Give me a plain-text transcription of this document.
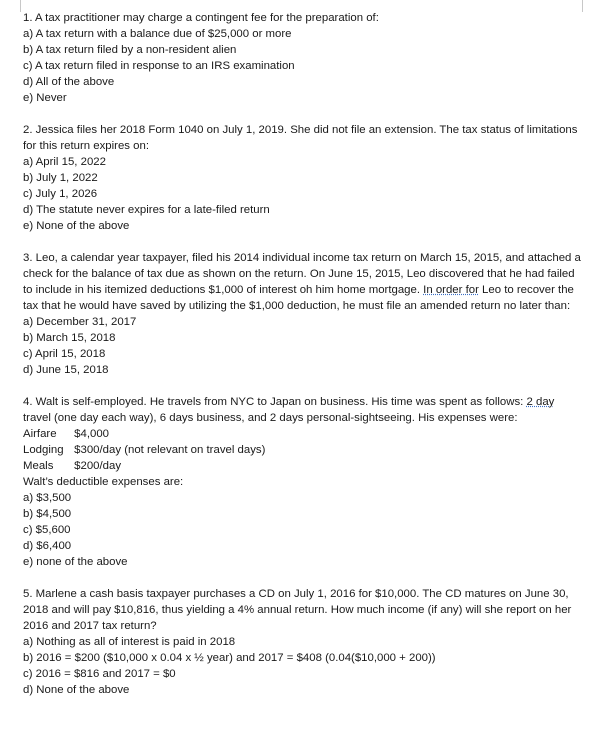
1. A tax practitioner may charge a contingent fee for the preparation of:

a) A tax return with a balance due of $25,000 or more
b) A tax return filed by a non-resident alien
c) A tax return filed in response to an IRS examination
d) All of the above
e) Never

2. Jessica files her 2018 Form 1040 on July 1, 2019. She did not file an extension. The tax status of limitations for this return expires on:

a) April 15, 2022
b) July 1, 2022
c) July 1, 2026
d) The statute never expires for a late-filed return
e) None of the above

3. Leo, a calendar year taxpayer, filed his 2014 individual income tax return on March 15, 2015, and attached a check for the balance of tax due as shown on the return. On June 15, 2015, Leo discovered that he had failed to include in his itemized deductions $1,000 of interest oh him home mortgage. In order for Leo to recover the tax that he would have saved by utilizing the $1,000 deduction, he must file an amended return no later than:

a) December 31, 2017
b) March 15, 2018
c) April 15, 2018
d) June 15, 2018

4. Walt is self-employed. He travels from NYC to Japan on business. His time was spent as follows: 2 day travel (one day each way), 6 days business, and 2 days personal-sightseeing. His expenses were:

Airfare $4,000
Lodging $300/day (not relevant on travel days)
Meals $200/day
Walt’s deductible expenses are:
a) $3,500
b) $4,500
c) $5,600
d) $6,400
e) none of the above

5. Marlene a cash basis taxpayer purchases a CD on July 1, 2016 for $10,000. The CD matures on June 30, 2018 and will pay $10,816, thus yielding a 4% annual return. How much income (if any) will she report on her 2016 and 2017 tax return?

a) Nothing as all of interest is paid in 2018
b) 2016 = $200 ($10,000 x 0.04 x ½ year) and 2017 = $408 (0.04($10,000 + 200))
c) 2016 = $816 and 2017 = $0
d) None of the above
